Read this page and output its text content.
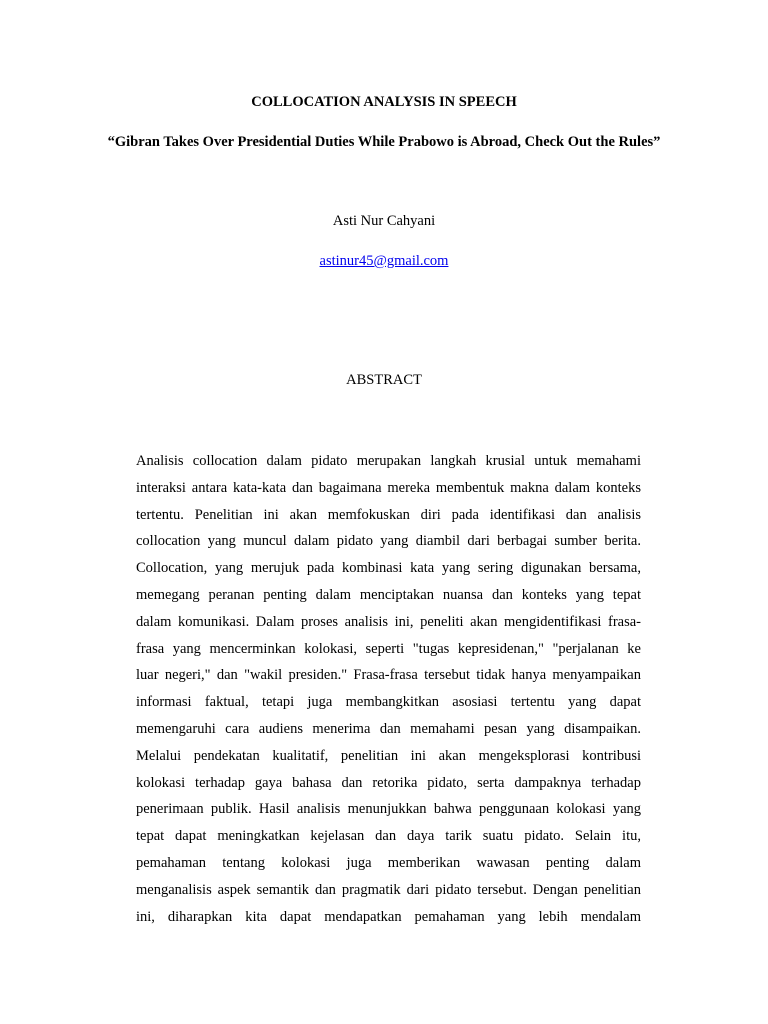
COLLOCATION ANALYSIS IN SPEECH
“Gibran Takes Over Presidential Duties While Prabowo is Abroad, Check Out the Rules”

Asti Nur Cahyani

astinur45@gmail.com
ABSTRACT
Analisis collocation dalam pidato merupakan langkah krusial untuk memahami
interaksi antara kata-kata dan bagaimana mereka membentuk makna dalam konteks
tertentu. Penelitian ini akan memfokuskan diri pada identifikasi dan analisis
collocation yang muncul dalam pidato yang diambil dari berbagai sumber berita.
Collocation, yang merujuk pada kombinasi kata yang sering digunakan bersama,
memegang peranan penting dalam menciptakan nuansa dan konteks yang tepat
dalam komunikasi. Dalam proses analisis ini, peneliti akan mengidentifikasi frasa-
frasa yang mencerminkan kolokasi, seperti "tugas kepresidenan," "perjalanan ke
luar negeri," dan "wakil presiden." Frasa-frasa tersebut tidak hanya menyampaikan
informasi faktual, tetapi juga membangkitkan asosiasi tertentu yang dapat
memengaruhi cara audiens menerima dan memahami pesan yang disampaikan.
Melalui pendekatan kualitatif, penelitian ini akan mengeksplorasi kontribusi
kolokasi terhadap gaya bahasa dan retorika pidato, serta dampaknya terhadap
penerimaan publik. Hasil analisis menunjukkan bahwa penggunaan kolokasi yang
tepat dapat meningkatkan kejelasan dan daya tarik suatu pidato. Selain itu,
pemahaman tentang kolokasi juga memberikan wawasan penting dalam
menganalisis aspek semantik dan pragmatik dari pidato tersebut. Dengan penelitian
ini, diharapkan kita dapat mendapatkan pemahaman yang lebih mendalam
